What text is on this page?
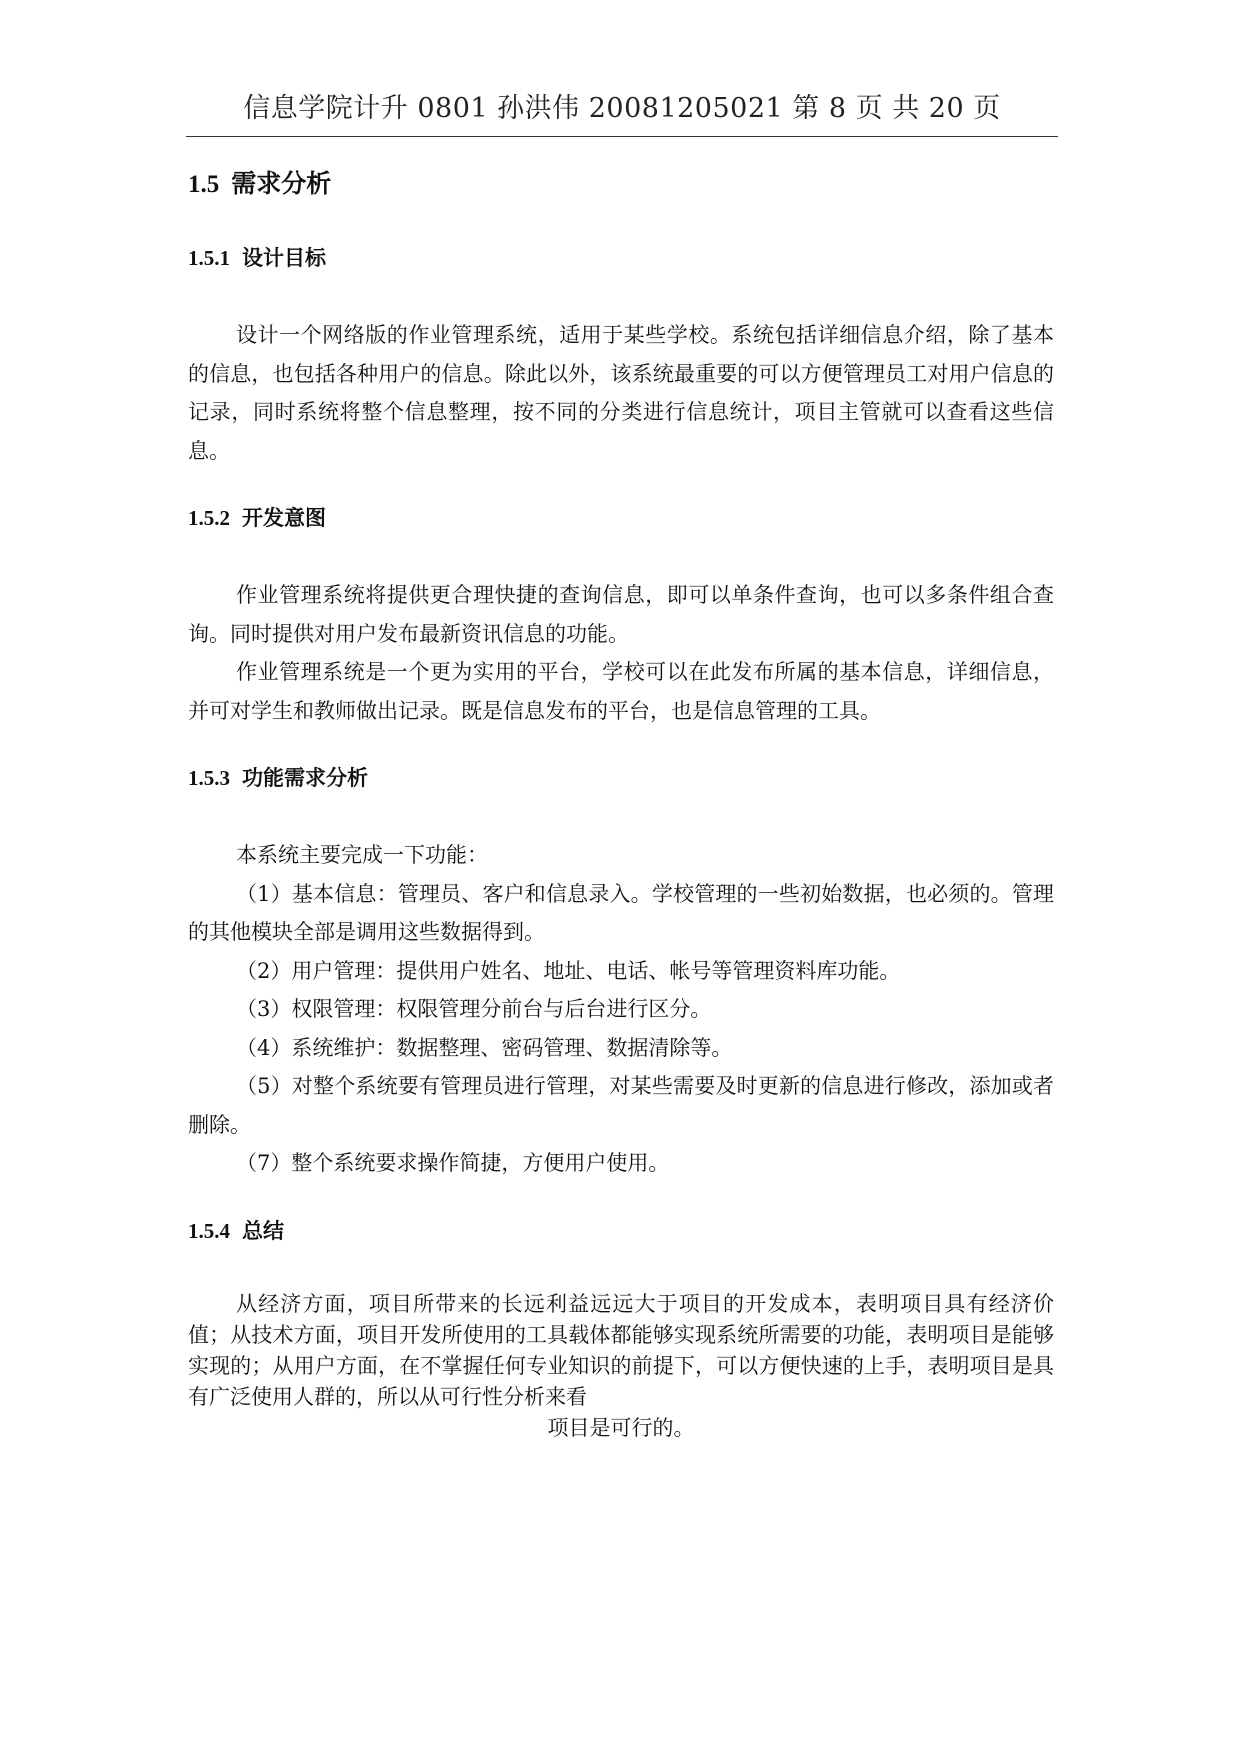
信息学院计升 0801 孙洪伟 20081205021 第 8 页 共 20 页
1.5 需求分析
1.5.1 设计目标

设计一个网络版的作业管理系统，适用于某些学校。系统包括详细信息介绍，除了基本的信息，也包括各种用户的信息。除此以外，该系统最重要的可以方便管理员工对用户信息的记录，同时系统将整个信息整理，按不同的分类进行信息统计，项目主管就可以查看这些信息。

1.5.2 开发意图

作业管理系统将提供更合理快捷的查询信息，即可以单条件查询，也可以多条件组合查询。同时提供对用户发布最新资讯信息的功能。

作业管理系统是一个更为实用的平台，学校可以在此发布所属的基本信息，详细信息，并可对学生和教师做出记录。既是信息发布的平台，也是信息管理的工具。

1.5.3 功能需求分析

本系统主要完成一下功能：

（1）基本信息：管理员、客户和信息录入。学校管理的一些初始数据，也必须的。管理的其他模块全部是调用这些数据得到。

（2）用户管理：提供用户姓名、地址、电话、帐号等管理资料库功能。

（3）权限管理：权限管理分前台与后台进行区分。

（4）系统维护：数据整理、密码管理、数据清除等。

（5）对整个系统要有管理员进行管理，对某些需要及时更新的信息进行修改，添加或者删除。

（7）整个系统要求操作简捷，方便用户使用。

1.5.4 总结

从经济方面，项目所带来的长远利益远远大于项目的开发成本，表明项目具有经济价值；从技术方面，项目开发所使用的工具载体都能够实现系统所需要的功能，表明项目是能够实现的；从用户方面，在不掌握任何专业知识的前提下，可以方便快速的上手，表明项目是具有广泛使用人群的，所以从可行性分析来看

项目是可行的。
